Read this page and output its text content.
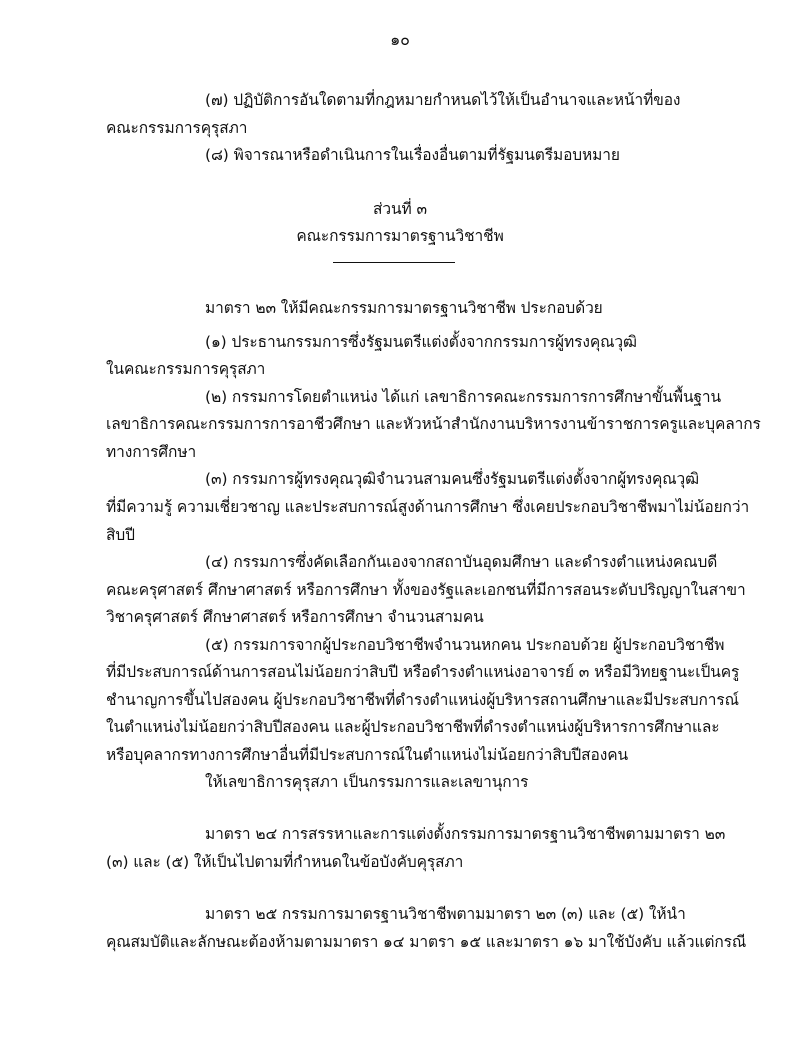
๑๐
(๗) ปฏิบัติการอันใดตามที่กฎหมายกำหนดไว้ให้เป็นอำนาจและหน้าที่ของ
คณะกรรมการคุรุสภา
(๘) พิจารณาหรือดำเนินการในเรื่องอื่นตามที่รัฐมนตรีมอบหมาย
ส่วนที่ ๓
คณะกรรมการมาตรฐานวิชาชีพ
มาตรา ๒๓ ให้มีคณะกรรมการมาตรฐานวิชาชีพ ประกอบด้วย
(๑) ประธานกรรมการซึ่งรัฐมนตรีแต่งตั้งจากกรรมการผู้ทรงคุณวุฒิ
ในคณะกรรมการคุรุสภา
(๒) กรรมการโดยตำแหน่ง ได้แก่ เลขาธิการคณะกรรมการการศึกษาขั้นพื้นฐาน
เลขาธิการคณะกรรมการการอาชีวศึกษา และหัวหน้าสำนักงานบริหารงานข้าราชการครูและบุคลากร
ทางการศึกษา
(๓) กรรมการผู้ทรงคุณวุฒิจำนวนสามคนซึ่งรัฐมนตรีแต่งตั้งจากผู้ทรงคุณวุฒิ
ที่มีความรู้ ความเชี่ยวชาญ และประสบการณ์สูงด้านการศึกษา ซึ่งเคยประกอบวิชาชีพมาไม่น้อยกว่า
สิบปี
(๔) กรรมการซึ่งคัดเลือกกันเองจากสถาบันอุดมศึกษา และดำรงตำแหน่งคณบดี
คณะครุศาสตร์ ศึกษาศาสตร์ หรือการศึกษา ทั้งของรัฐและเอกชนที่มีการสอนระดับปริญญาในสาขา
วิชาครุศาสตร์ ศึกษาศาสตร์ หรือการศึกษา จำนวนสามคน
(๕) กรรมการจากผู้ประกอบวิชาชีพจำนวนหกคน ประกอบด้วย ผู้ประกอบวิชาชีพ
ที่มีประสบการณ์ด้านการสอนไม่น้อยกว่าสิบปี หรือดำรงตำแหน่งอาจารย์ ๓ หรือมีวิทยฐานะเป็นครู
ชำนาญการขึ้นไปสองคน ผู้ประกอบวิชาชีพที่ดำรงตำแหน่งผู้บริหารสถานศึกษาและมีประสบการณ์
ในตำแหน่งไม่น้อยกว่าสิบปีสองคน และผู้ประกอบวิชาชีพที่ดำรงตำแหน่งผู้บริหารการศึกษาและ
หรือบุคลากรทางการศึกษาอื่นที่มีประสบการณ์ในตำแหน่งไม่น้อยกว่าสิบปีสองคน
ให้เลขาธิการคุรุสภา เป็นกรรมการและเลขานุการ
มาตรา ๒๔ การสรรหาและการแต่งตั้งกรรมการมาตรฐานวิชาชีพตามมาตรา ๒๓
(๓) และ (๕) ให้เป็นไปตามที่กำหนดในข้อบังคับคุรุสภา
มาตรา ๒๕ กรรมการมาตรฐานวิชาชีพตามมาตรา ๒๓ (๓) และ (๕) ให้นำ
คุณสมบัติและลักษณะต้องห้ามตามมาตรา ๑๔ มาตรา ๑๕ และมาตรา ๑๖ มาใช้บังคับ แล้วแต่กรณี
